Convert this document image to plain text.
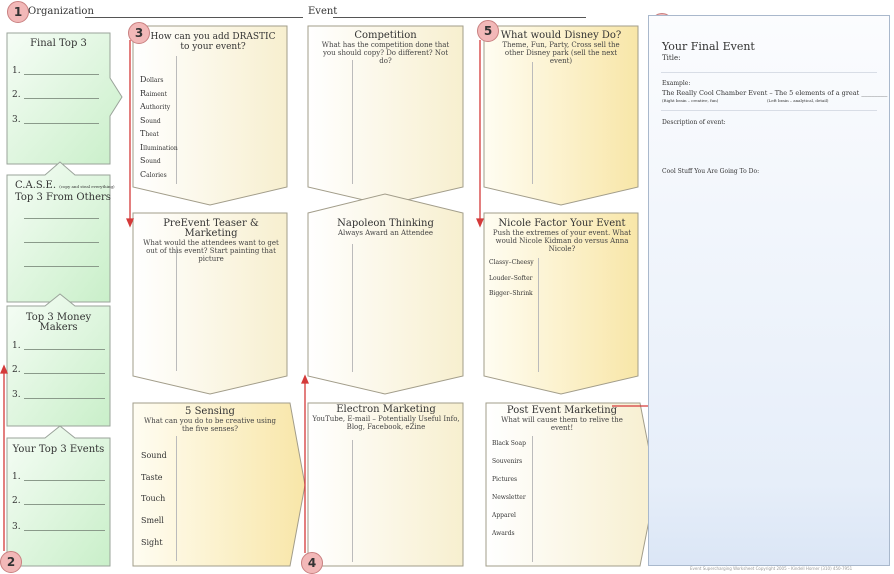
1 Organization	Event
2
3
4
5
Final Top 3
1.
2.
3.
C.A.S.E. (copy and steal everything)
Top 3 From Others
Top 3 Money Makers
1.
2.
3.
Your Top 3 Events
1.
2.
3.
How can you add DRASTIC to your event?
Dollars
Raiment
Authority
Sound
Theat
Illumination
Sound
Calories
PreEvent Teaser & Marketing
What would the attendees want to get out of this event? Start painting that picture
5 Sensing
What can you do to be creative using the five senses?
Sound
Taste
Touch
Smell
Sight
Competition
What has the competition done that you should copy? Do different? Not do?
Napoleon Thinking
Always Award an Attendee
Electron Marketing
YouTube, E-mail – Potentially Useful Info, Blog, Facebook, eZine
What would Disney Do?
Theme, Fun, Party, Cross sell the other Disney park (sell the next event)
Nicole Factor Your Event
Push the extremes of your event. What would Nicole Kidman do versus Anna Nicole?
Classy–Cheesy
Louder–Softer
Bigger–Shrink
Post Event Marketing
What will cause them to relive the event!
Black Soap
Souvenirs
Pictures
Newsletter
Apparel
Awards
Your Final Event
Title:
Example:
The Really Cool Chamber Event – The 5 elements of a great ________
(Right brain – creative, fun)	(Left brain – analytical, detail)
Description of event:
Cool Stuff You Are Going To Do:
Event Supercharging Worksheet Copyright 2005 – Kindell Horner (310) 450-7951
